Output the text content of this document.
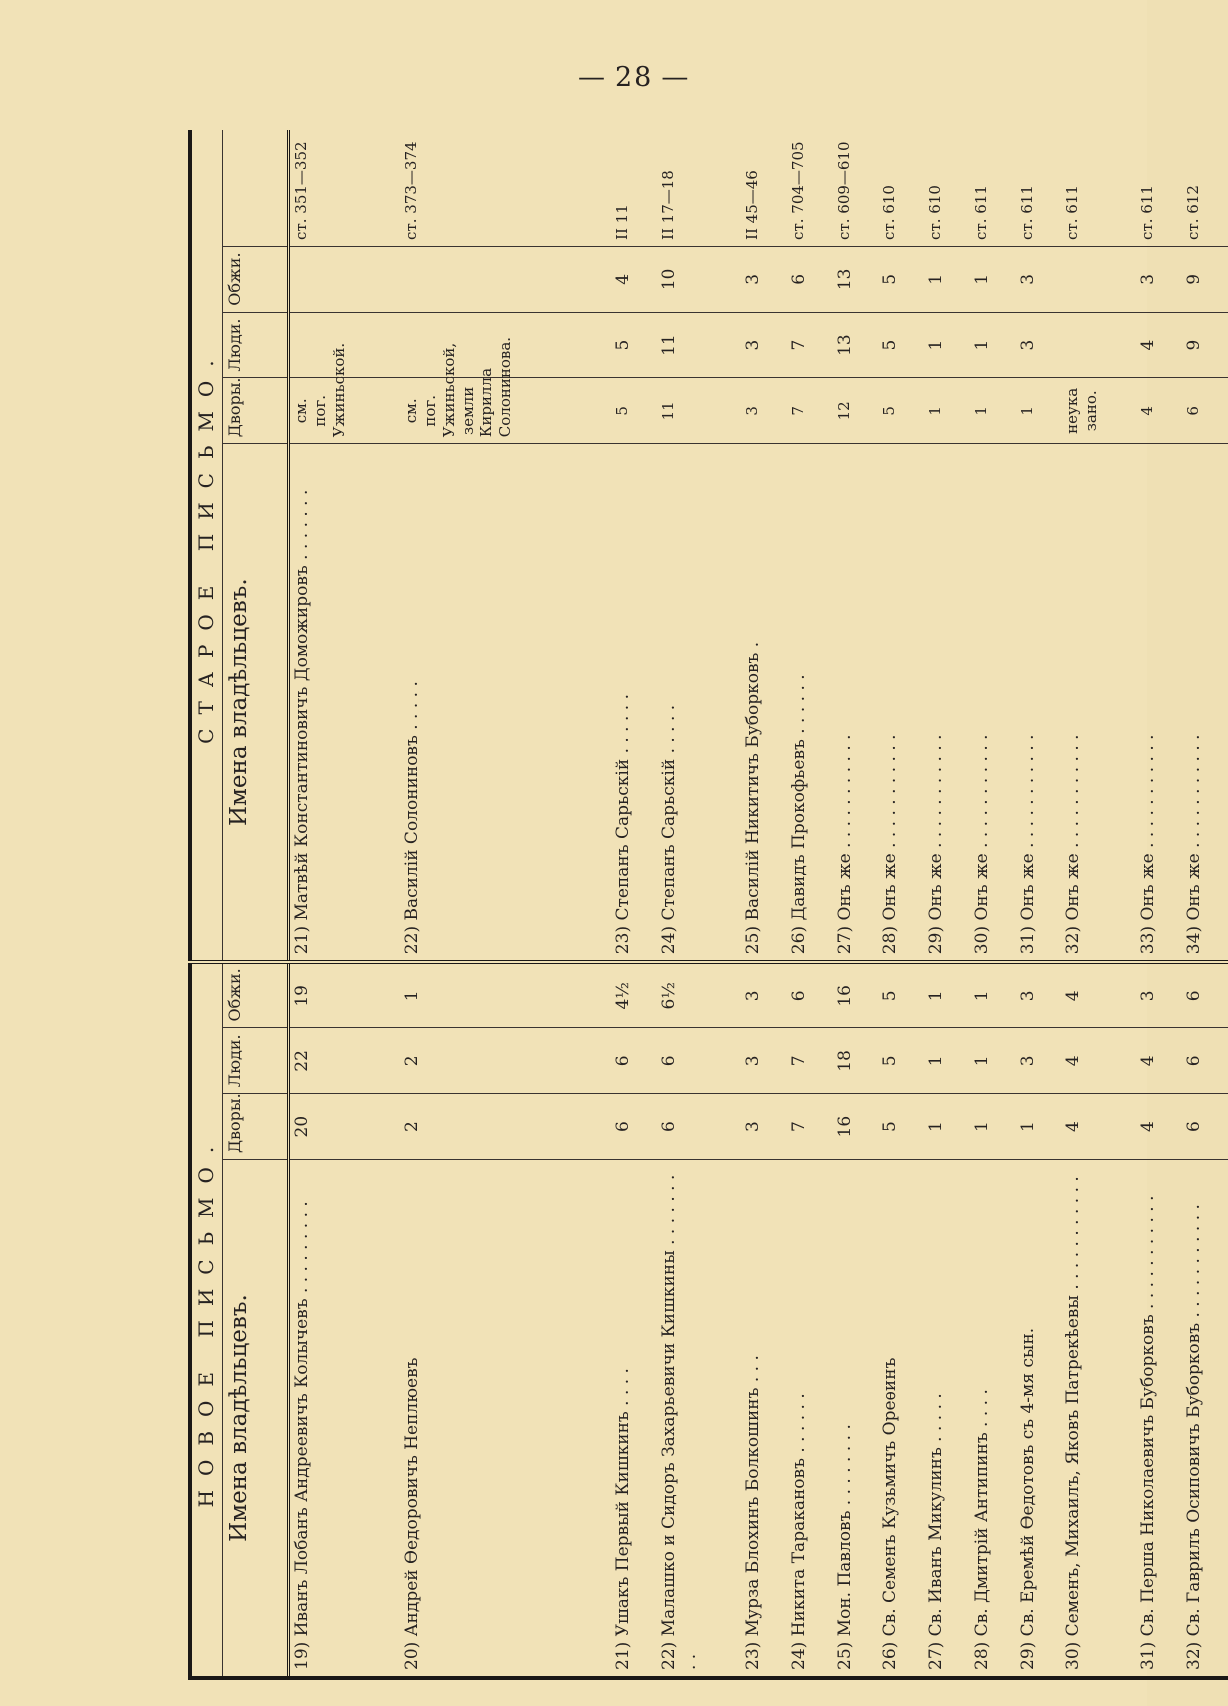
— 28 —
НОВОЕ ПИСЬМО.				СТАРОЕ ПИСЬМО.				
Имена владѣльцевъ.	Дворы.	Люди.	Обжи.	Имена владѣльцевъ.	Дворы.	Люди.	Обжи.	
19) Иванъ Лобанъ Андреевичъ Колычевъ . . . . . . . . .	20	22	19	21) Матвѣй Константиновичъ Доможировъ . . . . . . .	см. пог. Ужиньской.			ст. 351—352
20) Андрей Ѳедоровичъ Неплюевъ	2	2	1	22) Василій Солониновъ . . . . .	см. пог. Ужиньской, земли Кирилла Солонинова.			ст. 373—374
21) Ушакъ Первый Кишкинъ . . . .	6	6	4½	23) Степанъ Сарьскій . . . . . .	5	5	4	II 11
22) Малашко и Сидоръ Захарьевичи Кишкины . . . . . . . . .	6	6	6½	24) Степанъ Сарьскій . . . . .	11	11	10	II 17—18
23) Мурза Блохинъ Болкошинъ . . .	3	3	3	25) Василій Никитичъ Буборковъ .	3	3	3	II 45—46
24) Никита Таракановъ . . . . . .	7	7	6	26) Давидъ Прокофьевъ . . . . . .	7	7	6	ст. 704—705
25) Мон. Павловъ . . . . . . . .	16	18	16	27) Онъ же . . . . . . . . . . .	12	13	13	ст. 609—610
26) Св. Семенъ Кузьмичъ Ореѳинъ	5	5	5	28) Онъ же . . . . . . . . . . .	5	5	5	ст. 610
27) Св. Иванъ Микулинъ . . . . .	1	1	1	29) Онъ же . . . . . . . . . . .	1	1	1	ст. 610
28) Св. Дмитрій Антипинъ . . . .	1	1	1	30) Онъ же . . . . . . . . . . .	1	1	1	ст. 611
29) Св. Еремѣй Ѳедотовъ съ 4-мя сын.	1	3	3	31) Онъ же . . . . . . . . . . .	1	3	3	ст. 611
30) Семенъ, Михаилъ, Яковъ Патрекѣевы . . . . . . . . . . .	4	4	4	32) Онъ же . . . . . . . . . . .	неука зано.			ст. 611
31) Св. Перша Николаевичъ Буборковъ . . . . . . . . . . .	4	4	3	33) Онъ же . . . . . . . . . . .	4	4	3	ст. 611
32) Св. Гаврилъ Осиповичъ Буборковъ . . . . . . . . . . .	6	6	6	34) Онъ же . . . . . . . . . . .	6	9	9	ст. 612
